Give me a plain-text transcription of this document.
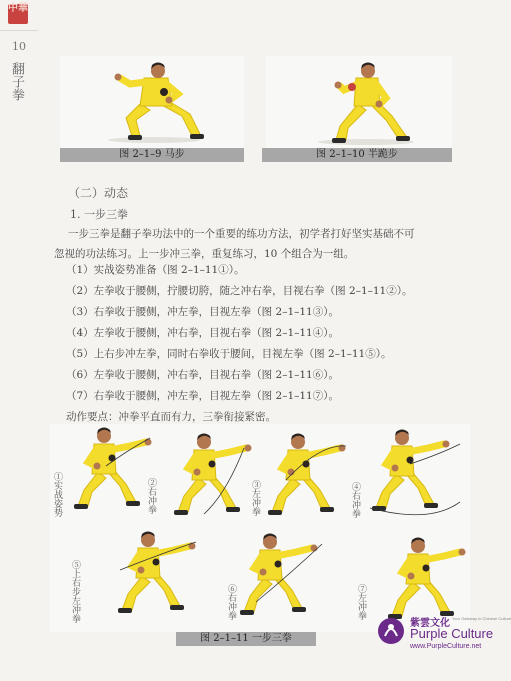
中華
10
翻子拳
图 2–1–9 马步	图 2–1–10 半跪步
（二）动态
1. 一步三拳
一步三拳是翻子拳功法中的一个重要的练功方法，初学者打好坚实基础不可
忽视的功法练习。上一步冲三拳，重复练习，10 个组合为一组。
（1）实战姿势准备（图 2–1–11①）。
（2）左拳收于腰侧，拧腰切胯，随之冲右拳，目视右拳（图 2–1–11②）。
（3）右拳收于腰侧，冲左拳，目视左拳（图 2–1–11③）。
（4）左拳收于腰侧，冲右拳，目视右拳（图 2–1–11④）。
（5）上右步冲左拳，同时右拳收于腰间，目视左拳（图 2–1–11⑤）。
（6）左拳收于腰侧，冲右拳，目视右拳（图 2–1–11⑥）。
（7）右拳收于腰侧，冲左拳，目视左拳（图 2–1–11⑦）。
动作要点：冲拳平直而有力，三拳衔接紧密。
①实战姿势	②右冲拳	③左冲拳	④右冲拳
⑤上右步左冲拳	⑥右冲拳	⑦左冲拳
图 2–1–11 一步三拳
紫雲文化 Your Gateway to Chinese Culture
Purple Culture
www.PurpleCulture.net
